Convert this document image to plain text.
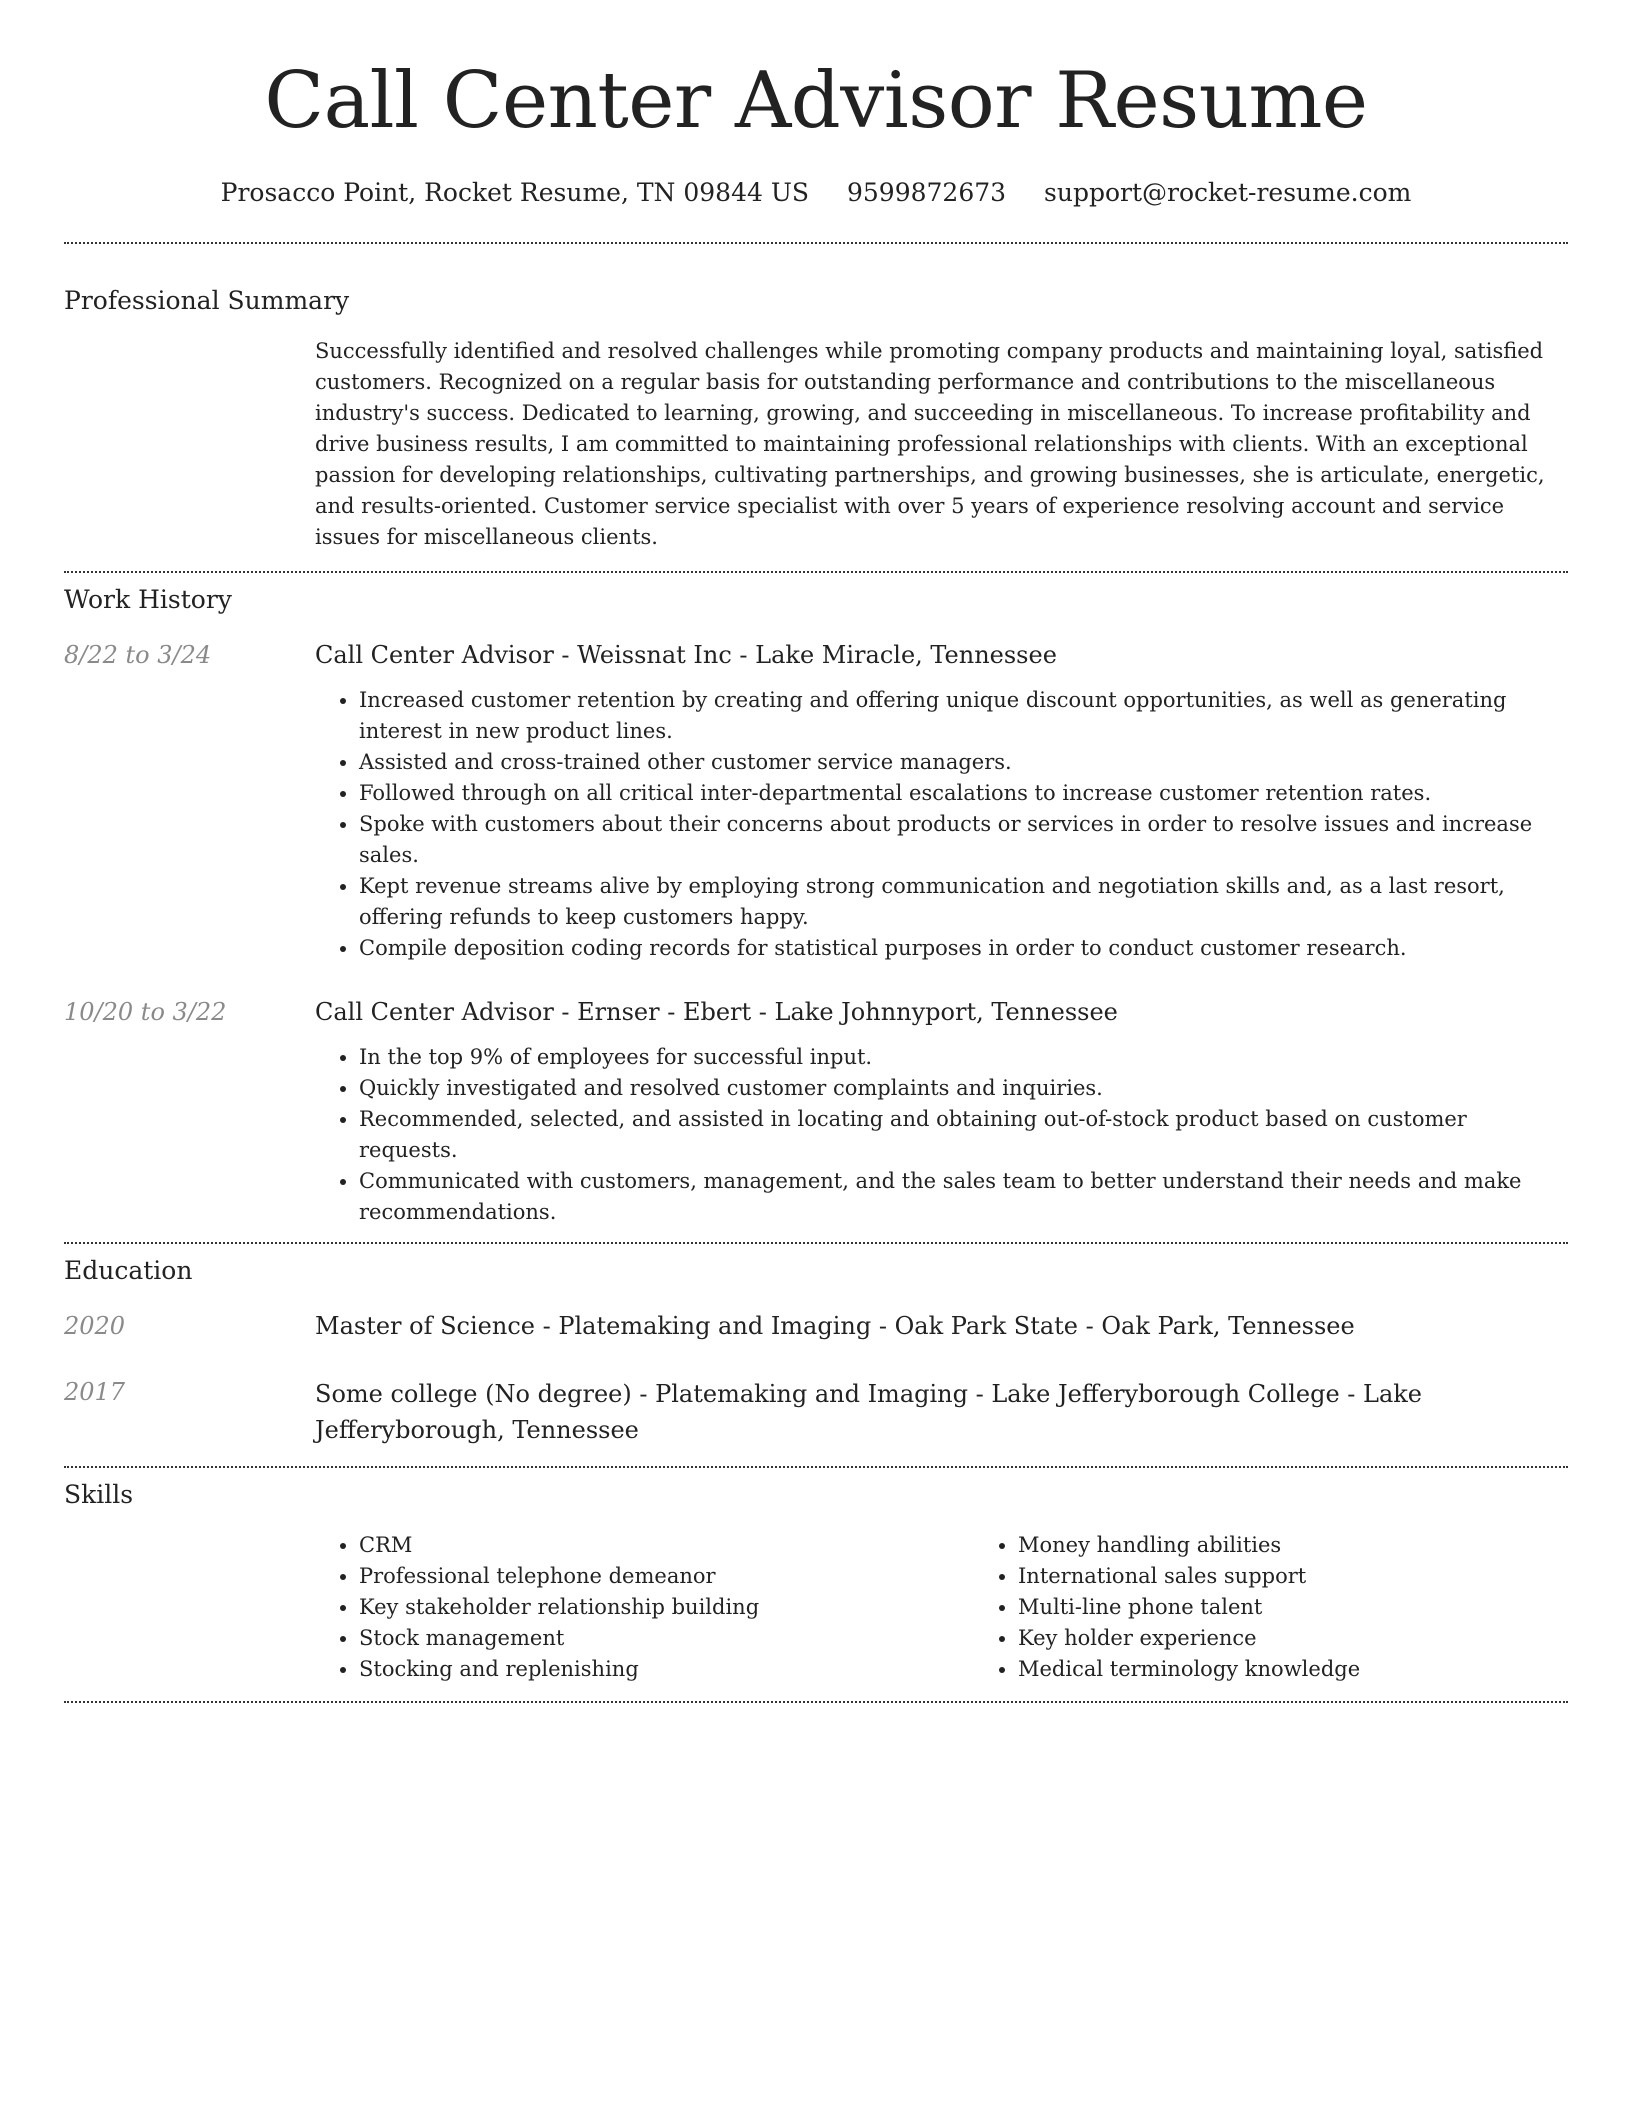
Call Center Advisor Resume
Prosacco Point, Rocket Resume, TN 09844 US 9599872673 support@rocket-resume.com
Professional Summary

Successfully identified and resolved challenges while promoting company products and maintaining loyal, satisfied customers. Recognized on a regular basis for outstanding performance and contributions to the miscellaneous industry's success. Dedicated to learning, growing, and succeeding in miscellaneous. To increase profitability and drive business results, I am committed to maintaining professional relationships with clients. With an exceptional passion for developing relationships, cultivating partnerships, and growing businesses, she is articulate, energetic, and results-oriented. Customer service specialist with over 5 years of experience resolving account and service issues for miscellaneous clients.

Work History
8/22 to 3/24	Call Center Advisor - Weissnat Inc - Lake Miracle, Tennessee
• Increased customer retention by creating and offering unique discount opportunities, as well as generating interest in new product lines.
• Assisted and cross-trained other customer service managers.
• Followed through on all critical inter-departmental escalations to increase customer retention rates.
• Spoke with customers about their concerns about products or services in order to resolve issues and increase sales.
• Kept revenue streams alive by employing strong communication and negotiation skills and, as a last resort, offering refunds to keep customers happy.
• Compile deposition coding records for statistical purposes in order to conduct customer research.
10/20 to 3/22	Call Center Advisor - Ernser - Ebert - Lake Johnnyport, Tennessee
• In the top 9% of employees for successful input.
• Quickly investigated and resolved customer complaints and inquiries.
• Recommended, selected, and assisted in locating and obtaining out-of-stock product based on customer requests.
• Communicated with customers, management, and the sales team to better understand their needs and make recommendations.
Education
2020	Master of Science - Platemaking and Imaging - Oak Park State - Oak Park, Tennessee
2017	Some college (No degree) - Platemaking and Imaging - Lake Jefferyborough College - Lake Jefferyborough, Tennessee
Skills
• CRM
• Professional telephone demeanor
• Key stakeholder relationship building
• Stock management
• Stocking and replenishing
• Money handling abilities
• International sales support
• Multi-line phone talent
• Key holder experience
• Medical terminology knowledge
